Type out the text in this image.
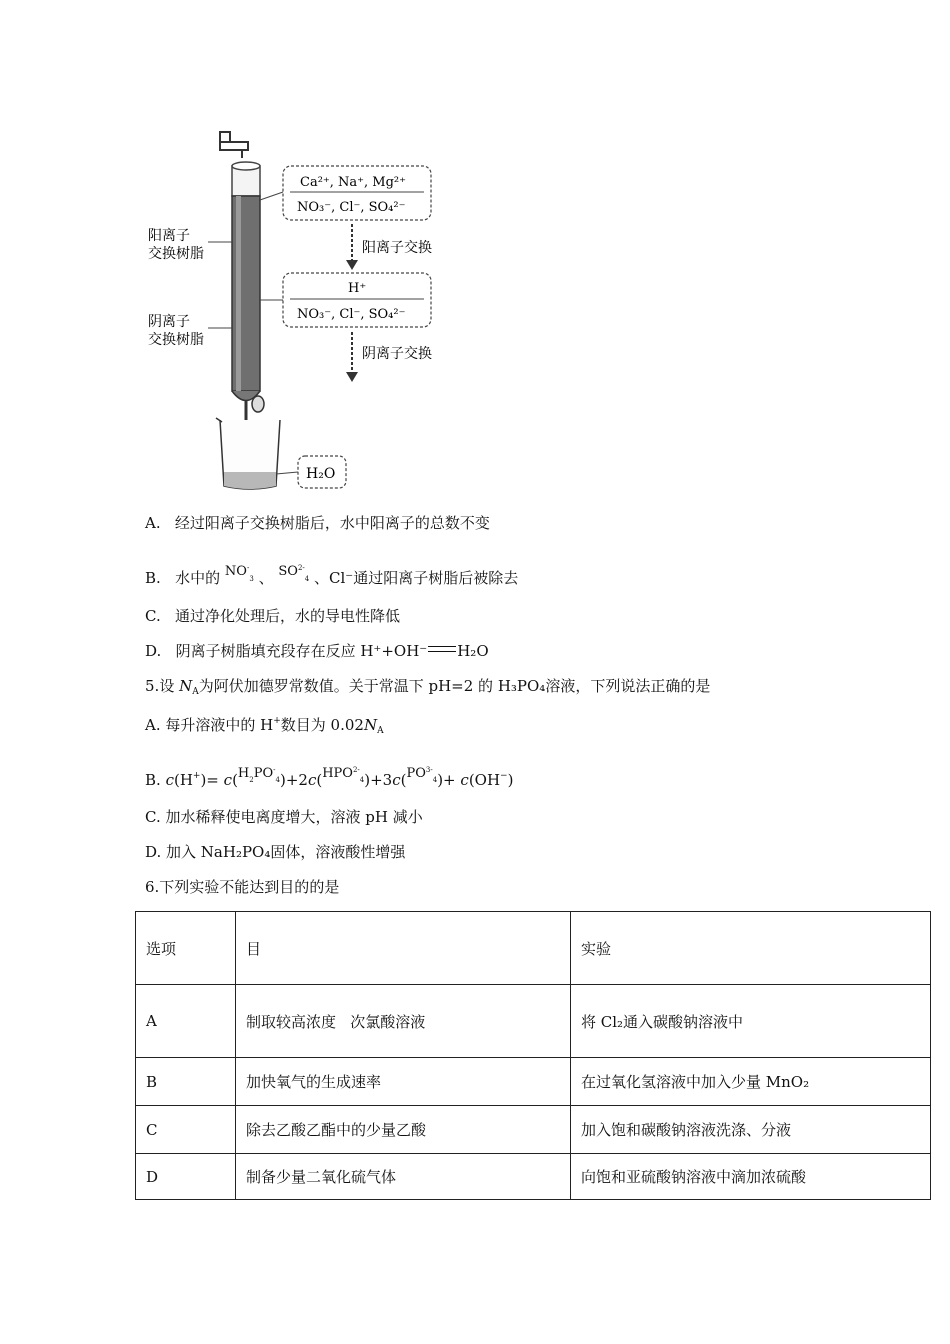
阳离子
交换树脂
阴离子
交换树脂
Ca²⁺, Na⁺, Mg²⁺
NO₃⁻, Cl⁻, SO₄²⁻
阳离子交换
H⁺
NO₃⁻, Cl⁻, SO₄²⁻
阴离子交换
H₂O
A. 经过阳离子交换树脂后，水中阳离子的总数不变
B. 水中的 $NO^-_3$ 、 $SO^{2-}_4$ 、Cl⁻通过阳离子树脂后被除去
C. 通过净化处理后，水的导电性降低
D. 阴离子树脂填充段存在反应 H⁺+OH⁻ H₂O
5.设 $N_A$为阿伏加德罗常数值。关于常温下 pH=2 的 H₃PO₄溶液，下列说法正确的是
A. 每升溶液中的 H+数目为 $0.02N_A$
B. $c(H^+)= c(H_2PO^-_4)+2c(HPO^{2-}_4)+3c(PO^{3-}_4)+ c(OH^-)$
C. 加水稀释使电离度增大，溶液 pH 减小
D. 加入 NaH₂PO₄固体，溶液酸性增强
6.下列实验不能达到目的的是
选项	目	实验
A	制取较高浓度   次氯酸溶液	将 Cl₂通入碳酸钠溶液中
B	加快氧气的生成速率	在过氧化氢溶液中加入少量 MnO₂
C	除去乙酸乙酯中的少量乙酸	加入饱和碳酸钠溶液洗涤、分液
D	制备少量二氧化硫气体	向饱和亚硫酸钠溶液中滴加浓硫酸
